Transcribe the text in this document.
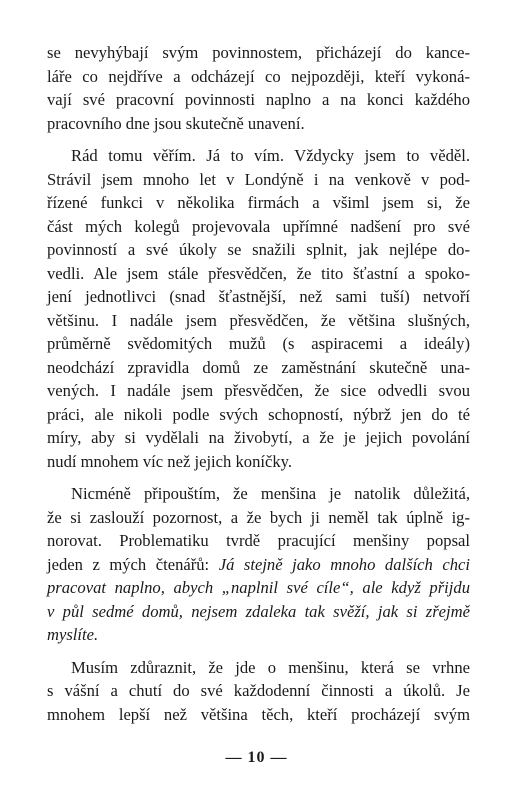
se nevyhýbají svým povinnostem, přicházejí do kance-
láře co nejdříve a odcházejí co nejpozději, kteří vykoná-
vají své pracovní povinnosti naplno a na konci každého
pracovního dne jsou skutečně unavení.
Rád tomu věřím. Já to vím. Vždycky jsem to věděl.
Strávil jsem mnoho let v Londýně i na venkově v pod-
řízené funkci v několika firmách a všiml jsem si, že
část mých kolegů projevovala upřímné nadšení pro své
povinností a své úkoly se snažili splnit, jak nejlépe do-
vedli. Ale jsem stále přesvědčen, že tito šťastní a spoko-
jení jednotlivci (snad šťastnější, než sami tuší) netvoří
většinu. I nadále jsem přesvědčen, že většina slušných,
průměrně svědomitých mužů (s aspiracemi a ideály)
neodchází zpravidla domů ze zaměstnání skutečně una-
vených. I nadále jsem přesvědčen, že sice odvedli svou
práci, ale nikoli podle svých schopností, nýbrž jen do té
míry, aby si vydělali na živobytí, a že je jejich povolání
nudí mnohem víc než jejich koníčky.
Nicméně připouštím, že menšina je natolik důležitá,
že si zaslouží pozornost, a že bych ji neměl tak úplně ig-
norovat. Problematiku tvrdě pracující menšiny popsal
jeden z mých čtenářů: Já stejně jako mnoho dalších chci
pracovat naplno, abych „naplnil své cíle“, ale když přijdu
v půl sedmé domů, nejsem zdaleka tak svěží, jak si zřejmě
myslíte.
Musím zdůraznit, že jde o menšinu, která se vrhne
s vášní a chutí do své každodenní činnosti a úkolů. Je
mnohem lepší než většina těch, kteří procházejí svým
— 10 —
